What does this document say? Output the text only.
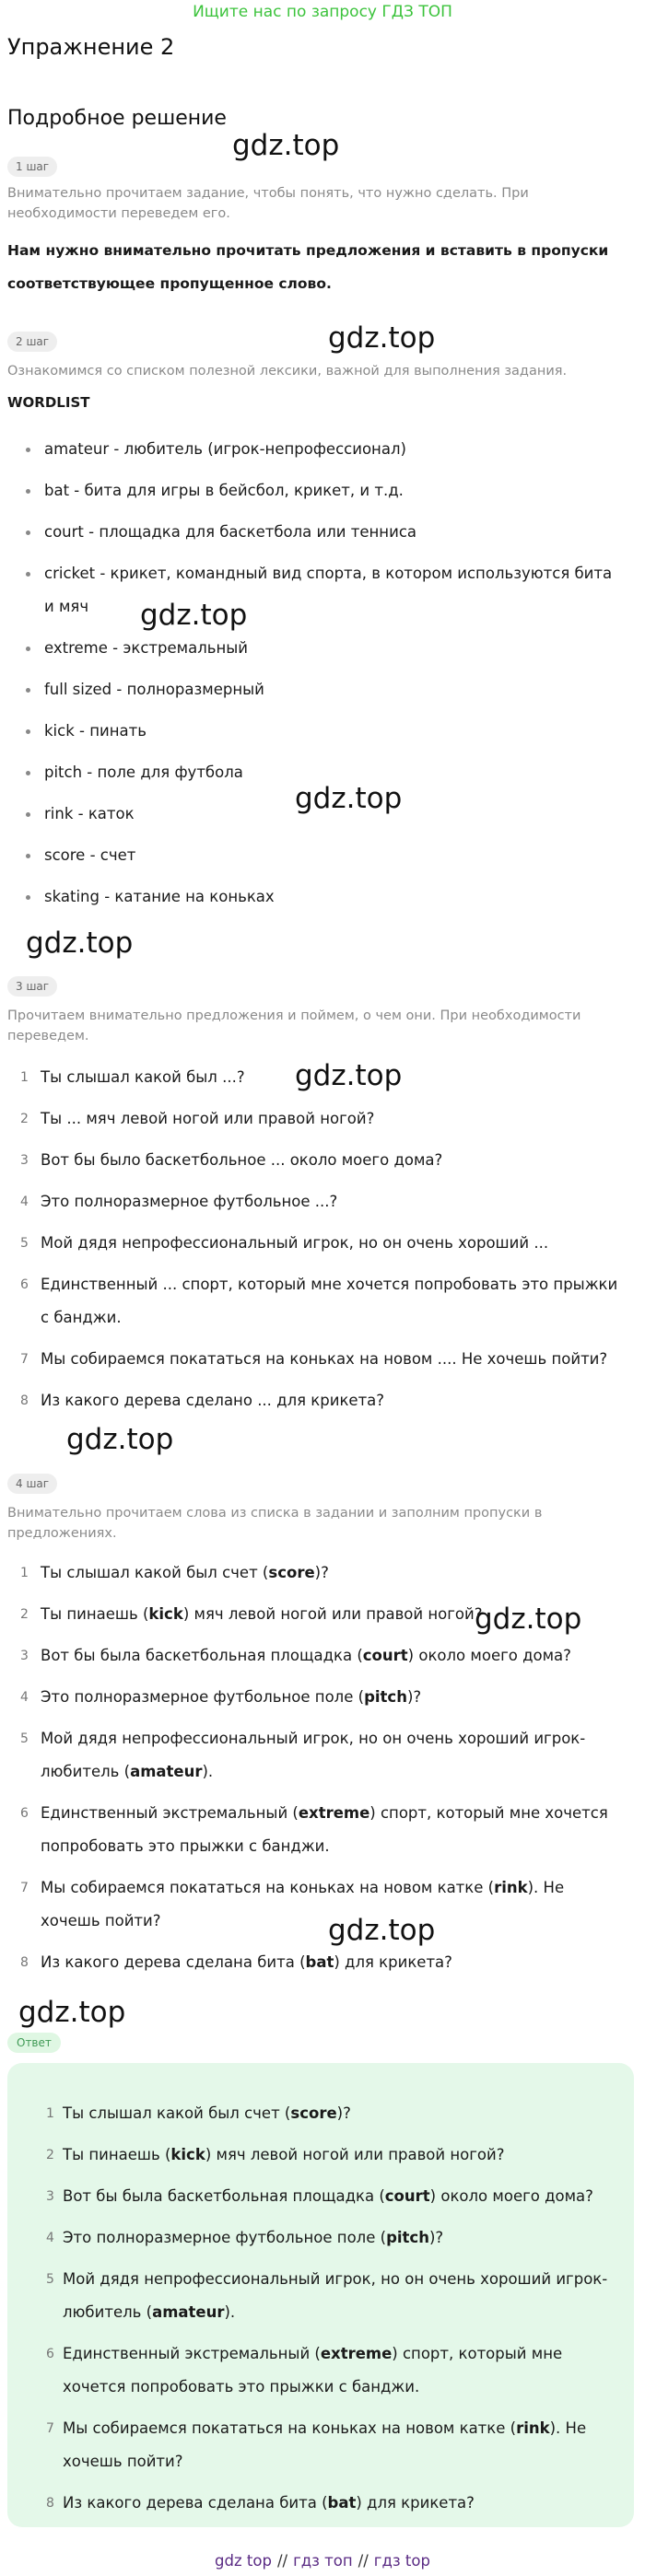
Ищите нас по запросу ГДЗ ТОП
Упражнение 2
Подробное решение
gdz.top
gdz.top
gdz.top
gdz.top
gdz.top
gdz.top
gdz.top
gdz.top
gdz.top
gdz.top
1 шаг

Внимательно прочитаем задание, чтобы понять, что нужно сделать. При необходимости переведем его.

Нам нужно внимательно прочитать предложения и вставить в пропуски соответствующее пропущенное слово.

2 шаг

Ознакомимся со списком полезной лексики, важной для выполнения задания.

WORDLIST
amateur - любитель (игрок-непрофессионал)
bat - бита для игры в бейсбол, крикет, и т.д.
court - площадка для баскетбола или тенниса
cricket - крикет, командный вид спорта, в котором используются бита и мяч
extreme - экстремальный
full sized - полноразмерный
kick - пинать
pitch - поле для футбола
rink - каток
score - счет
skating - катание на коньках
3 шаг

Прочитаем внимательно предложения и поймем, о чем они. При необходимости переведем.

1 Ты слышал какой был ...?
2 Ты ... мяч левой ногой или правой ногой?
3 Вот бы было баскетбольное ... около моего дома?
4 Это полноразмерное футбольное ...?
5 Мой дядя непрофессиональный игрок, но он очень хороший ...
6 Единственный ... спорт, который мне хочется попробовать это прыжки с банджи.
7 Мы собираемся покататься на коньках на новом .... Не хочешь пойти?
8 Из какого дерева сделано ... для крикета?
4 шаг

Внимательно прочитаем слова из списка в задании и заполним пропуски в предложениях.

1 Ты слышал какой был счет (score)?
2 Ты пинаешь (kick) мяч левой ногой или правой ногой?
3 Вот бы была баскетбольная площадка (court) около моего дома?
4 Это полноразмерное футбольное поле (pitch)?
5 Мой дядя непрофессиональный игрок, но он очень хороший игрок-любитель (amateur).
6 Единственный экстремальный (extreme) спорт, который мне хочется попробовать это прыжки с банджи.
7 Мы собираемся покататься на коньках на новом катке (rink). Не хочешь пойти?
8 Из какого дерева сделана бита (bat) для крикета?
Ответ
1 Ты слышал какой был счет (score)?
2 Ты пинаешь (kick) мяч левой ногой или правой ногой?
3 Вот бы была баскетбольная площадка (court) около моего дома?
4 Это полноразмерное футбольное поле (pitch)?
5 Мой дядя непрофессиональный игрок, но он очень хороший игрок-любитель (amateur).
6 Единственный экстремальный (extreme) спорт, который мне хочется попробовать это прыжки с банджи.
7 Мы собираемся покататься на коньках на новом катке (rink). Не хочешь пойти?
8 Из какого дерева сделана бита (bat) для крикета?
gdz top // гдз топ // гдз top
